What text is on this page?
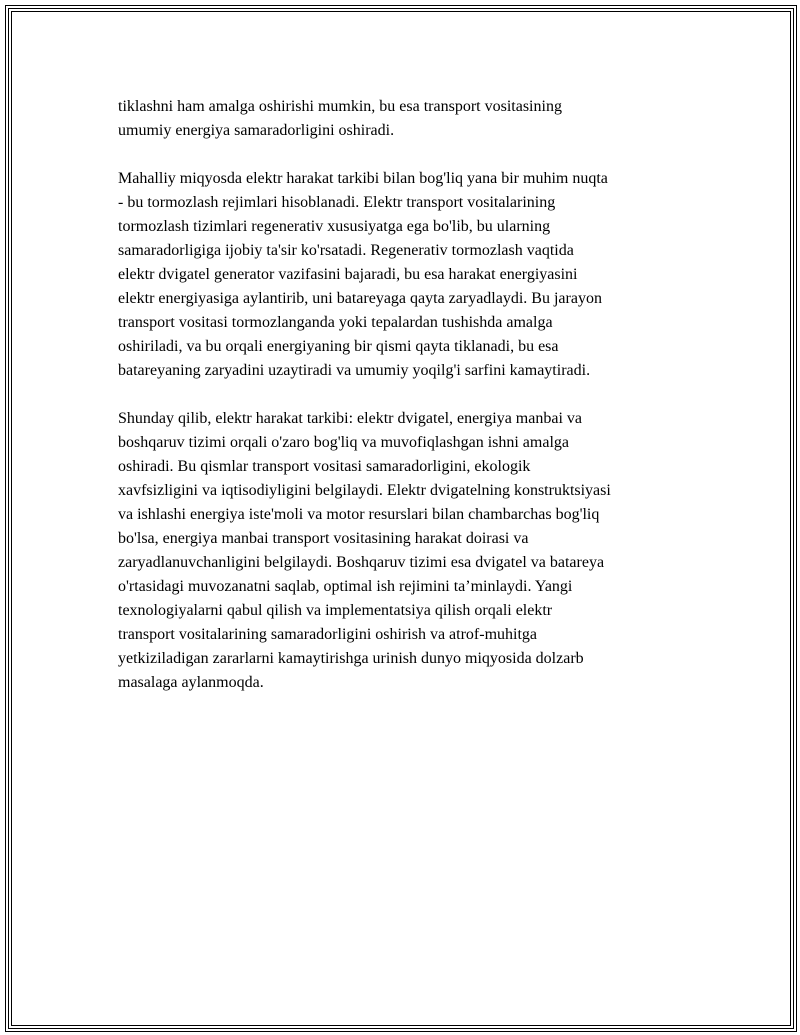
tiklashni ham amalga oshirishi mumkin, bu esa transport vositasining
umumiy energiya samaradorligini oshiradi.

Mahalliy miqyosda elektr harakat tarkibi bilan bog'liq yana bir muhim nuqta
- bu tormozlash rejimlari hisoblanadi. Elektr transport vositalarining
tormozlash tizimlari regenerativ xususiyatga ega bo'lib, bu ularning
samaradorligiga ijobiy ta'sir ko'rsatadi. Regenerativ tormozlash vaqtida
elektr dvigatel generator vazifasini bajaradi, bu esa harakat energiyasini
elektr energiyasiga aylantirib, uni batareyaga qayta zaryadlaydi. Bu jarayon
transport vositasi tormozlanganda yoki tepalardan tushishda amalga
oshiriladi, va bu orqali energiyaning bir qismi qayta tiklanadi, bu esa
batareyaning zaryadini uzaytiradi va umumiy yoqilg'i sarfini kamaytiradi.

Shunday qilib, elektr harakat tarkibi: elektr dvigatel, energiya manbai va
boshqaruv tizimi orqali o'zaro bog'liq va muvofiqlashgan ishni amalga
oshiradi. Bu qismlar transport vositasi samaradorligini, ekologik
xavfsizligini va iqtisodiyligini belgilaydi. Elektr dvigatelning konstruktsiyasi
va ishlashi energiya iste'moli va motor resurslari bilan chambarchas bog'liq
bo'lsa, energiya manbai transport vositasining harakat doirasi va
zaryadlanuvchanligini belgilaydi. Boshqaruv tizimi esa dvigatel va batareya
o'rtasidagi muvozanatni saqlab, optimal ish rejimini ta’minlaydi. Yangi
texnologiyalarni qabul qilish va implementatsiya qilish orqali elektr
transport vositalarining samaradorligini oshirish va atrof-muhitga
yetkiziladigan zararlarni kamaytirishga urinish dunyo miqyosida dolzarb
masalaga aylanmoqda.
